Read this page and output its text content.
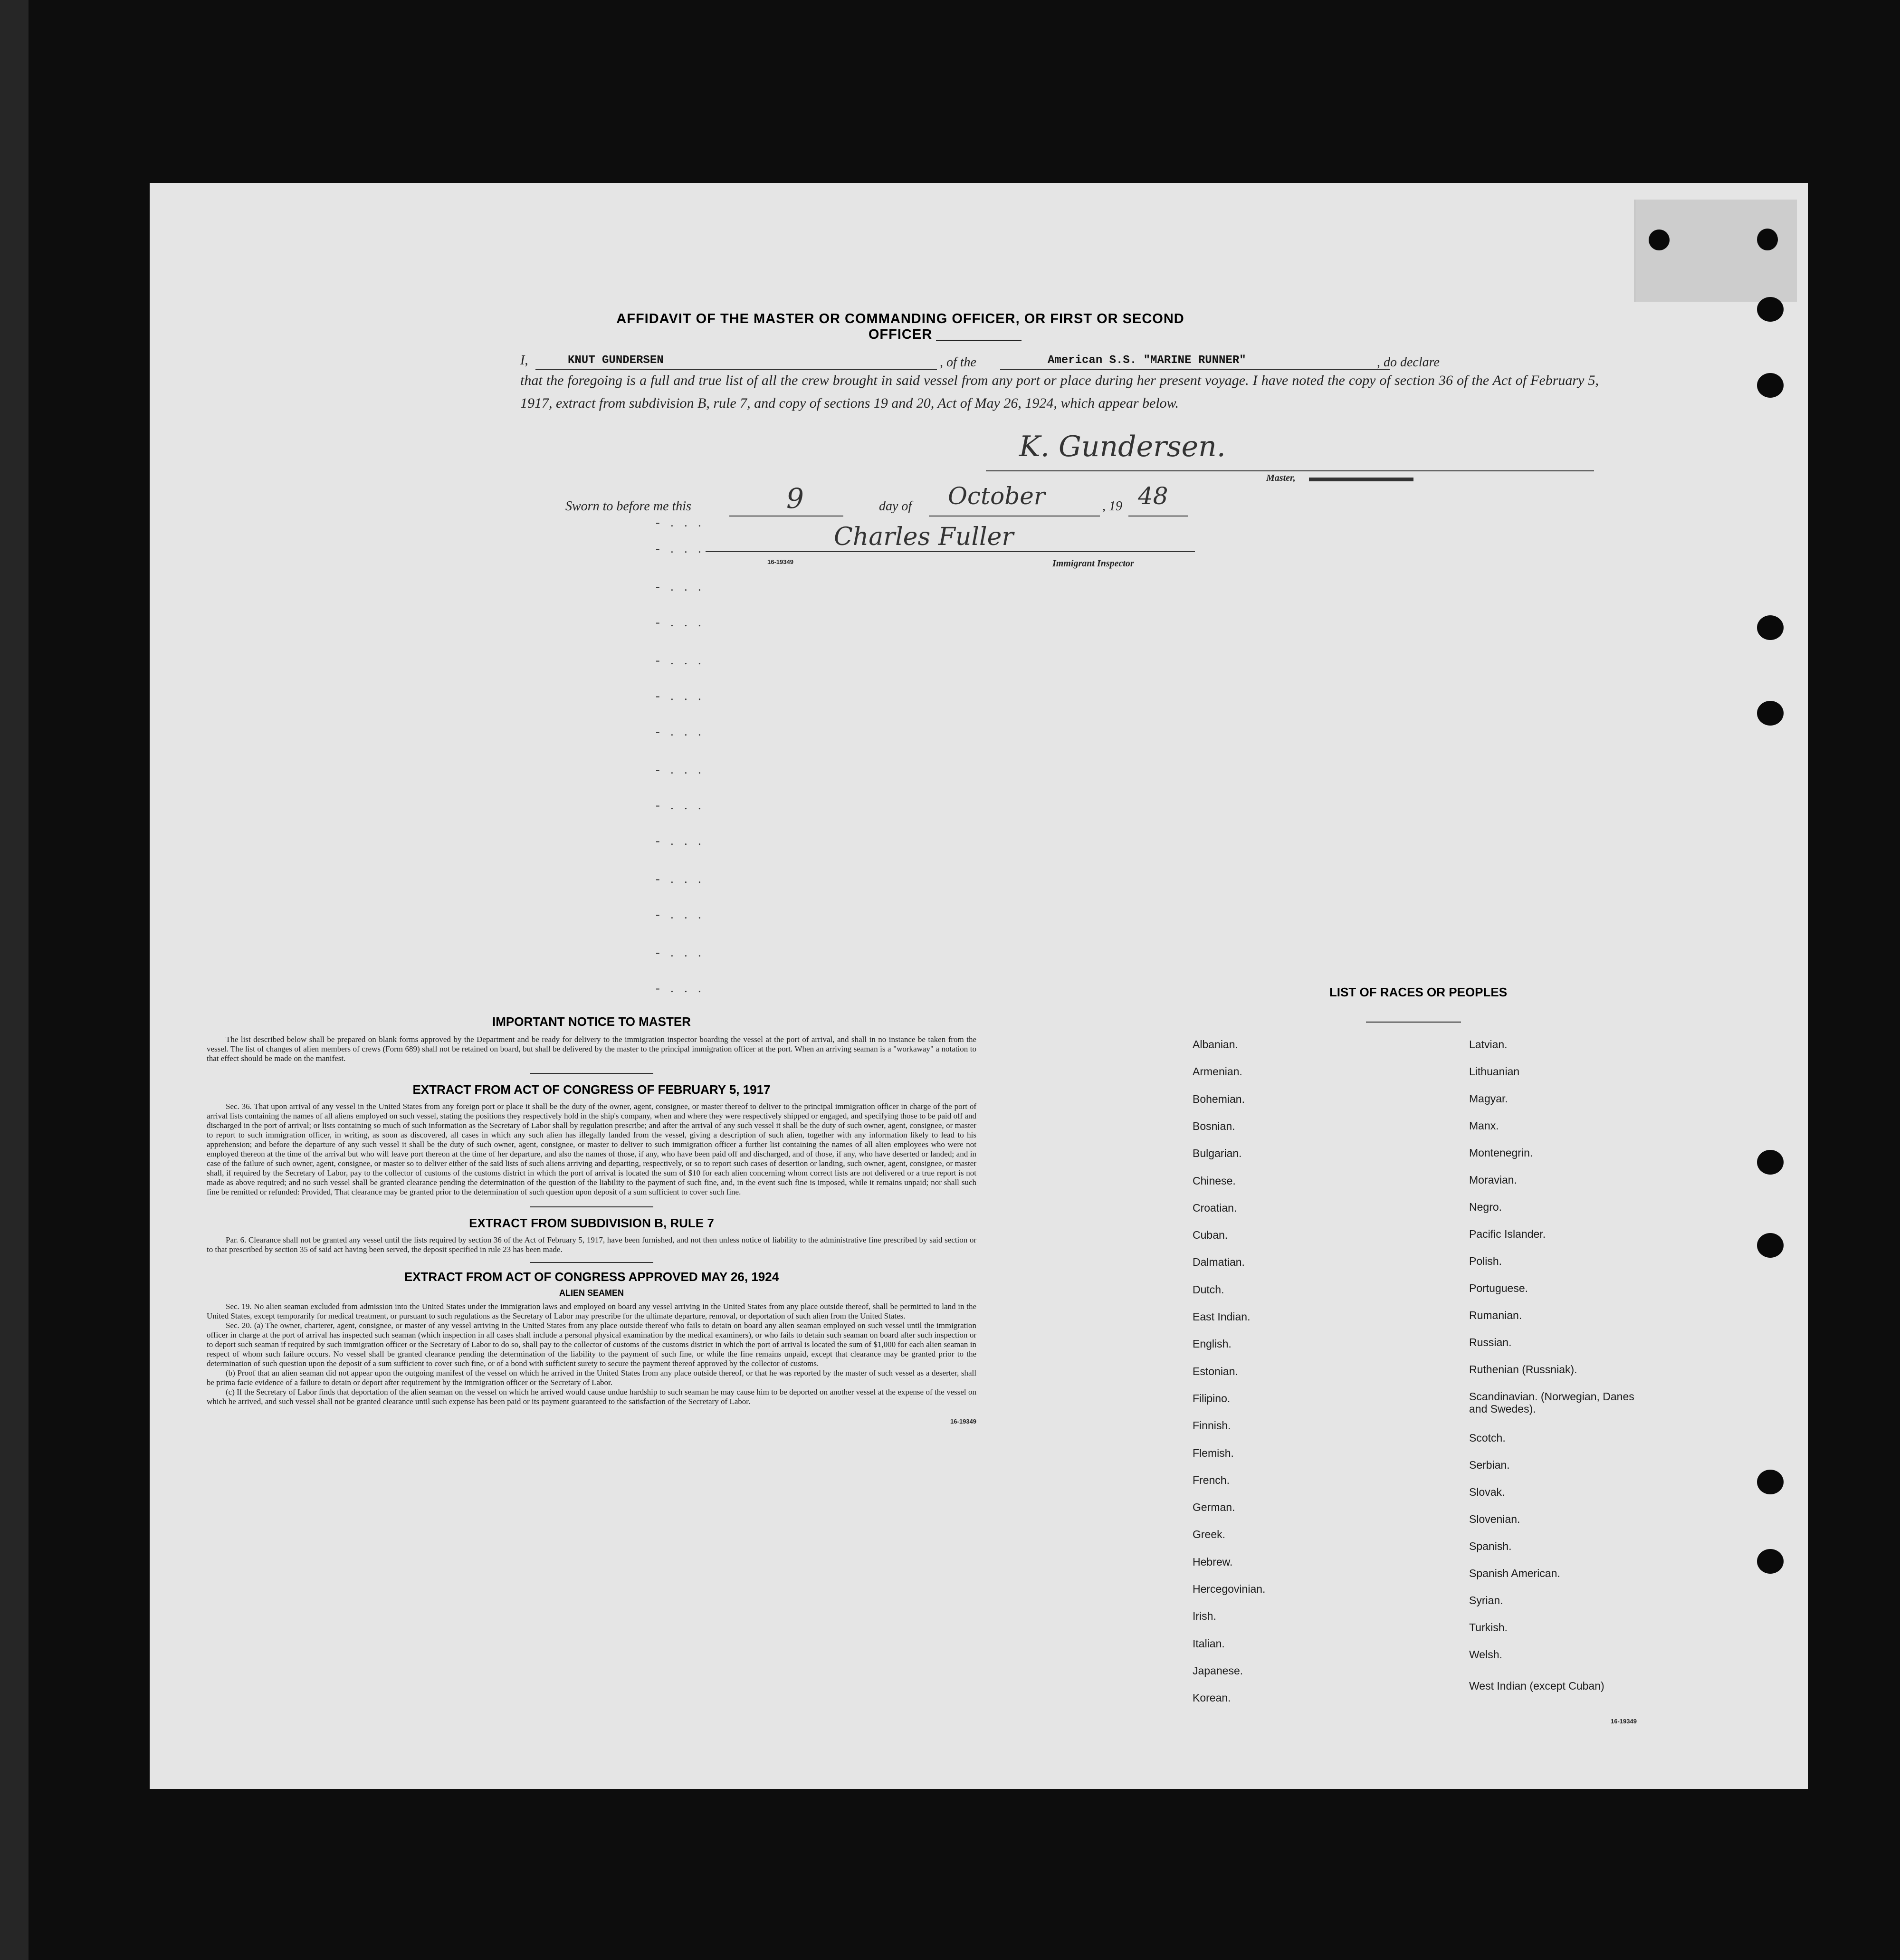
AFFIDAVIT OF THE MASTER OR COMMANDING OFFICER, OR FIRST OR SECOND OFFICER
I,	KNUT GUNDERSEN	, of the	American S.S. "MARINE RUNNER"	, do declare
that the foregoing is a full and true list of all the crew brought in said vessel from any port or place during her present voyage. I have noted the copy of section 36 of the Act of February 5, 1917, extract from subdivision B, rule 7, and copy of sections 19 and 20, Act of May 26, 1924, which appear below.
K. Gundersen.
Master,
Sworn to before me this	9	day of October	, 19 48
Charles Fuller
16-19349	Immigrant Inspector
- . . .
- . . .
- . . .
- . . .
- . . .
- . . .
- . . .
- . . .
- . . .
- . . .
- . . .
- . . .
- . . .
- . . .

IMPORTANT NOTICE TO MASTER

The list described below shall be prepared on blank forms approved by the Department and be ready for delivery to the immigration inspector boarding the vessel at the port of arrival, and shall in no instance be taken from the vessel. The list of changes of alien members of crews (Form 689) shall not be retained on board, but shall be delivered by the master to the principal immigration officer at the port. When an arriving seaman is a "workaway" a notation to that effect should be made on the manifest.

EXTRACT FROM ACT OF CONGRESS OF FEBRUARY 5, 1917

Sec. 36. That upon arrival of any vessel in the United States from any foreign port or place it shall be the duty of the owner, agent, consignee, or master thereof to deliver to the principal immigration officer in charge of the port of arrival lists containing the names of all aliens employed on such vessel, stating the positions they respectively hold in the ship's company, when and where they were respectively shipped or engaged, and specifying those to be paid off and discharged in the port of arrival; or lists containing so much of such information as the Secretary of Labor shall by regulation prescribe; and after the arrival of any such vessel it shall be the duty of such owner, agent, consignee, or master to report to such immigration officer, in writing, as soon as discovered, all cases in which any such alien has illegally landed from the vessel, giving a description of such alien, together with any information likely to lead to his apprehension; and before the departure of any such vessel it shall be the duty of such owner, agent, consignee, or master to deliver to such immigration officer a further list containing the names of all alien employees who were not employed thereon at the time of the arrival but who will leave port thereon at the time of her departure, and also the names of those, if any, who have been paid off and discharged, and of those, if any, who have deserted or landed; and in case of the failure of such owner, agent, consignee, or master so to deliver either of the said lists of such aliens arriving and departing, respectively, or so to report such cases of desertion or landing, such owner, agent, consignee, or master shall, if required by the Secretary of Labor, pay to the collector of customs of the customs district in which the port of arrival is located the sum of $10 for each alien concerning whom correct lists are not delivered or a true report is not made as above required; and no such vessel shall be granted clearance pending the determination of the question of the liability to the payment of such fine, and, in the event such fine is imposed, while it remains unpaid; nor shall such fine be remitted or refunded: Provided, That clearance may be granted prior to the determination of such question upon deposit of a sum sufficient to cover such fine.

EXTRACT FROM SUBDIVISION B, RULE 7

Par. 6. Clearance shall not be granted any vessel until the lists required by section 36 of the Act of February 5, 1917, have been furnished, and not then unless notice of liability to the administrative fine prescribed by said section or to that prescribed by section 35 of said act having been served, the deposit specified in rule 23 has been made.

EXTRACT FROM ACT OF CONGRESS APPROVED MAY 26, 1924

ALIEN SEAMEN

Sec. 19. No alien seaman excluded from admission into the United States under the immigration laws and employed on board any vessel arriving in the United States from any place outside thereof, shall be permitted to land in the United States, except temporarily for medical treatment, or pursuant to such regulations as the Secretary of Labor may prescribe for the ultimate departure, removal, or deportation of such alien from the United States.

Sec. 20. (a) The owner, charterer, agent, consignee, or master of any vessel arriving in the United States from any place outside thereof who fails to detain on board any alien seaman employed on such vessel until the immigration officer in charge at the port of arrival has inspected such seaman (which inspection in all cases shall include a personal physical examination by the medical examiners), or who fails to detain such seaman on board after such inspection or to deport such seaman if required by such immigration officer or the Secretary of Labor to do so, shall pay to the collector of customs of the customs district in which the port of arrival is located the sum of $1,000 for each alien seaman in respect of whom such failure occurs. No vessel shall be granted clearance pending the determination of the liability to the payment of such fine, or while the fine remains unpaid, except that clearance may be granted prior to the determination of such question upon the deposit of a sum sufficient to cover such fine, or of a bond with sufficient surety to secure the payment thereof approved by the collector of customs.

(b) Proof that an alien seaman did not appear upon the outgoing manifest of the vessel on which he arrived in the United States from any place outside thereof, or that he was reported by the master of such vessel as a deserter, shall be prima facie evidence of a failure to detain or deport after requirement by the immigration officer or the Secretary of Labor.

(c) If the Secretary of Labor finds that deportation of the alien seaman on the vessel on which he arrived would cause undue hardship to such seaman he may cause him to be deported on another vessel at the expense of the vessel on which he arrived, and such vessel shall not be granted clearance until such expense has been paid or its payment guaranteed to the satisfaction of the Secretary of Labor.

16-19349
LIST OF RACES OR PEOPLES
16-19349
Albanian.
Armenian.
Bohemian.
Bosnian.
Bulgarian.
Chinese.
Croatian.
Cuban.
Dalmatian.
Dutch.
East Indian.
English.
Estonian.
Filipino.
Finnish.
Flemish.
French.
German.
Greek.
Hebrew.
Hercegovinian.
Irish.
Italian.
Japanese.
Korean.
Latvian.
Lithuanian
Magyar.
Manx.
Montenegrin.
Moravian.
Negro.
Pacific Islander.
Polish.
Portuguese.
Rumanian.
Russian.
Ruthenian (Russniak).
Scandinavian. (Norwegian, Danes and Swedes).
Scotch.
Serbian.
Slovak.
Slovenian.
Spanish.
Spanish American.
Syrian.
Turkish.
Welsh.
West Indian (except Cuban)
